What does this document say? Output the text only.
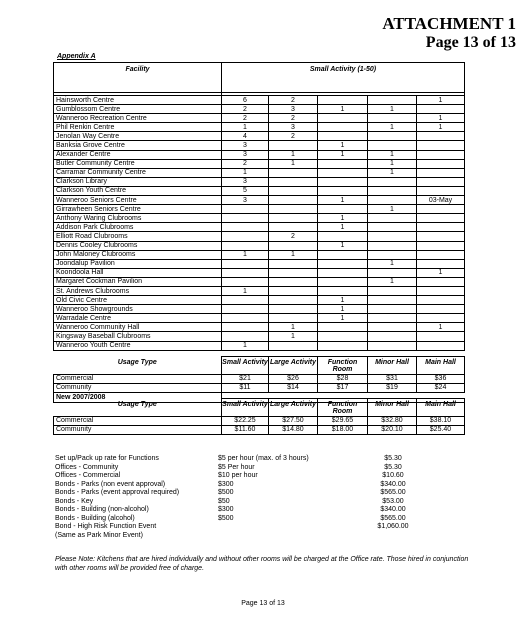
ATTACHMENT 1
Page 13 of 13
Appendix A
Facility	Small Activity (1-50)				

Hainsworth Centre	6	2			1
Gumblossom Centre	2	3	1	1	
Wanneroo Recreation Centre	2	2			1
Phil Renkin Centre	1	3		1	1
Jenolan Way Centre	4	2			
Banksia Grove Centre	3		1		
Alexander Centre	3	1	1	1	
Butler Community Centre	2	1		1	
Carramar Community Centre	1			1	
Clarkson Library	3				
Clarkson Youth Centre	5				
Wanneroo Seniors Centre	3		1		03-May
Girrawheen Seniors Centre				1	
Anthony Waring Clubrooms			1		
Addison Park Clubrooms			1		
Elliott Road Clubrooms		2			
Dennis Cooley Clubrooms			1		
John Maloney Clubrooms	1	1			
Joondalup Pavilion				1	
Koondoola Hall					1
Margaret Cockman Pavilion				1	
St. Andrews Clubrooms	1				
Old Civic Centre			1		
Wanneroo Showgrounds			1		
Warradale Centre			1		
Wanneroo Community Hall		1			1
Kingsway Baseball Clubrooms		1			
Wanneroo Youth Centre	1				
Usage Type	Small Activity	Large Activity	Function Room	Minor Hall	Main Hall
Commercial	$21	$26	$28	$31	$36
Community	$11	$14	$17	$19	$24
New 2007/2008					
Usage Type	Small Activity	Large Activity	Function Room	Minor Hall	Main Hall
Commercial	$22.25	$27.50	$29.65	$32.80	$38.10
Community	$11.60	$14.80	$18.00	$20.10	$25.40
Set up/Pack up rate for Functions	$5 per hour (max. of 3 hours)	$5.30
Offices - Community	$5 Per hour	$5.30
Offices - Commercial	$10 per hour	$10.60
Bonds - Parks (non event approval)	$300	$340.00
Bonds - Parks (event approval required)	$500	$565.00
Bonds - Key	$50	$53.00
Bonds - Building (non-alcohol)	$300	$340.00
Bonds - Building (alcohol)	$500	$565.00
Bond - High Risk Function Event	$1,060.00
(Same as Park Minor Event)
Please Note: Kitchens that are hired individually and without other rooms will be charged at the Office rate. Those hired in conjunction with other rooms will be provided free of charge.
Page 13 of 13
